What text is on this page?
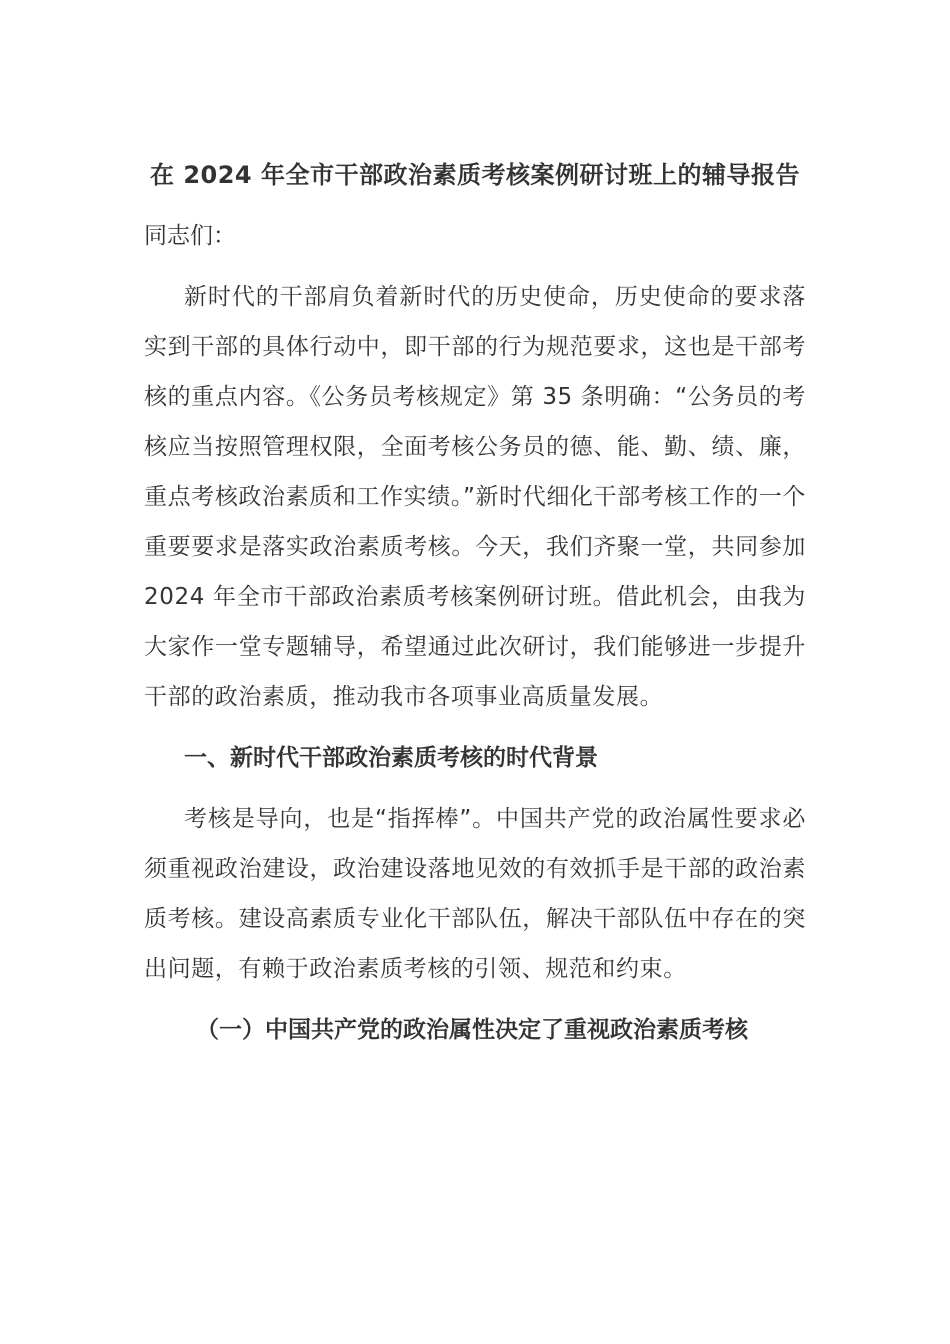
在 2024 年全市干部政治素质考核案例研讨班上的辅导报告
同志们：
新时代的干部肩负着新时代的历史使命，历史使命的要求落实到干部的具体行动中，即干部的行为规范要求，这也是干部考核的重点内容。《公务员考核规定》第 35 条明确：“公务员的考核应当按照管理权限，全面考核公务员的德、能、勤、绩、廉，重点考核政治素质和工作实绩。”新时代细化干部考核工作的一个重要要求是落实政治素质考核。今天，我们齐聚一堂，共同参加 2024 年全市干部政治素质考核案例研讨班。借此机会，由我为大家作一堂专题辅导，希望通过此次研讨，我们能够进一步提升干部的政治素质，推动我市各项事业高质量发展。
一、新时代干部政治素质考核的时代背景
考核是导向，也是“指挥棒”。中国共产党的政治属性要求必须重视政治建设，政治建设落地见效的有效抓手是干部的政治素质考核。建设高素质专业化干部队伍，解决干部队伍中存在的突出问题，有赖于政治素质考核的引领、规范和约束。
（一）中国共产党的政治属性决定了重视政治素质考核
